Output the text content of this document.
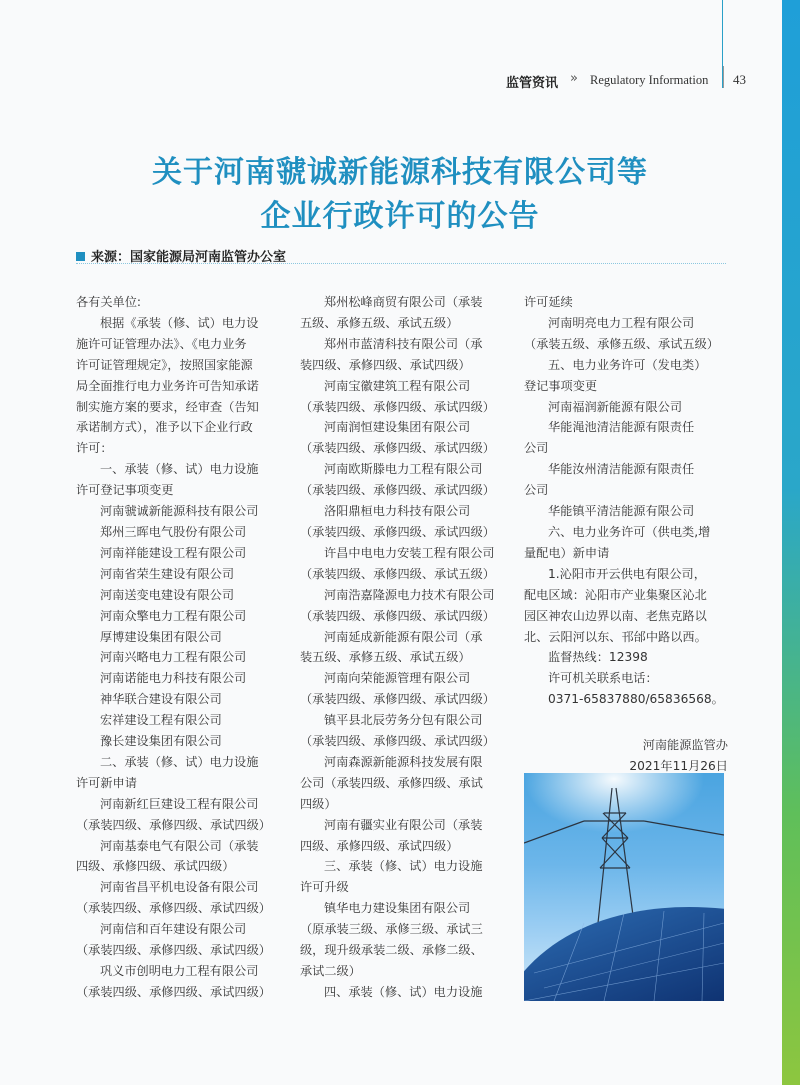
监管资讯 » Regulatory Information 43
关于河南虢诚新能源科技有限公司等
企业行政许可的公告
来源：国家能源局河南监管办公室

各有关单位:

根据《承装（修、试）电力设

施许可证管理办法》、《电力业务

许可证管理规定》，按照国家能源

局全面推行电力业务许可告知承诺

制实施方案的要求，经审查（告知

承诺制方式），准予以下企业行政

许可：

一、承装（修、试）电力设施

许可登记事项变更

河南虢诚新能源科技有限公司

郑州三晖电气股份有限公司

河南祥能建设工程有限公司

河南省荣生建设有限公司

河南送变电建设有限公司

河南众擎电力工程有限公司

厚博建设集团有限公司

河南兴略电力工程有限公司

河南诺能电力科技有限公司

神华联合建设有限公司

宏祥建设工程有限公司

豫长建设集团有限公司

二、承装（修、试）电力设施

许可新申请

河南新红巨建设工程有限公司

（承装四级、承修四级、承试四级）

河南基泰电气有限公司（承装

四级、承修四级、承试四级）

河南省昌平机电设备有限公司

（承装四级、承修四级、承试四级）

河南信和百年建设有限公司

（承装四级、承修四级、承试四级）

巩义市创明电力工程有限公司

（承装四级、承修四级、承试四级）

郑州松峰商贸有限公司（承装

五级、承修五级、承试五级）

郑州市蓝清科技有限公司（承

装四级、承修四级、承试四级）

河南宝徽建筑工程有限公司

（承装四级、承修四级、承试四级）

河南润恒建设集团有限公司

（承装四级、承修四级、承试四级）

河南欧斯滕电力工程有限公司

（承装四级、承修四级、承试四级）

洛阳鼎桓电力科技有限公司

（承装四级、承修四级、承试四级）

许昌中电电力安装工程有限公司

（承装四级、承修四级、承试五级）

河南浩嘉隆源电力技术有限公司

（承装四级、承修四级、承试四级）

河南延成新能源有限公司（承

装五级、承修五级、承试五级）

河南向荣能源管理有限公司

（承装四级、承修四级、承试四级）

镇平县北辰劳务分包有限公司

（承装四级、承修四级、承试四级）

河南森源新能源科技发展有限

公司（承装四级、承修四级、承试

四级）

河南有疆实业有限公司（承装

四级、承修四级、承试四级）

三、承装（修、试）电力设施

许可升级

镇华电力建设集团有限公司

（原承装三级、承修三级、承试三

级，现升级承装二级、承修二级、

承试二级）

四、承装（修、试）电力设施

许可延续

河南明亮电力工程有限公司

（承装五级、承修五级、承试五级）

五、电力业务许可（发电类）

登记事项变更

河南福润新能源有限公司

华能渑池清洁能源有限责任

公司

华能汝州清洁能源有限责任

公司

华能镇平清洁能源有限公司

六、电力业务许可（供电类,增

量配电）新申请

1.沁阳市开云供电有限公司，

配电区域：沁阳市产业集聚区沁北

园区神农山边界以南、老焦克路以

北、云阳河以东、邗邰中路以西。

监督热线：12398

许可机关联系电话：

0371-65837880/65836568。

河南能源监管办
2021年11月26日
